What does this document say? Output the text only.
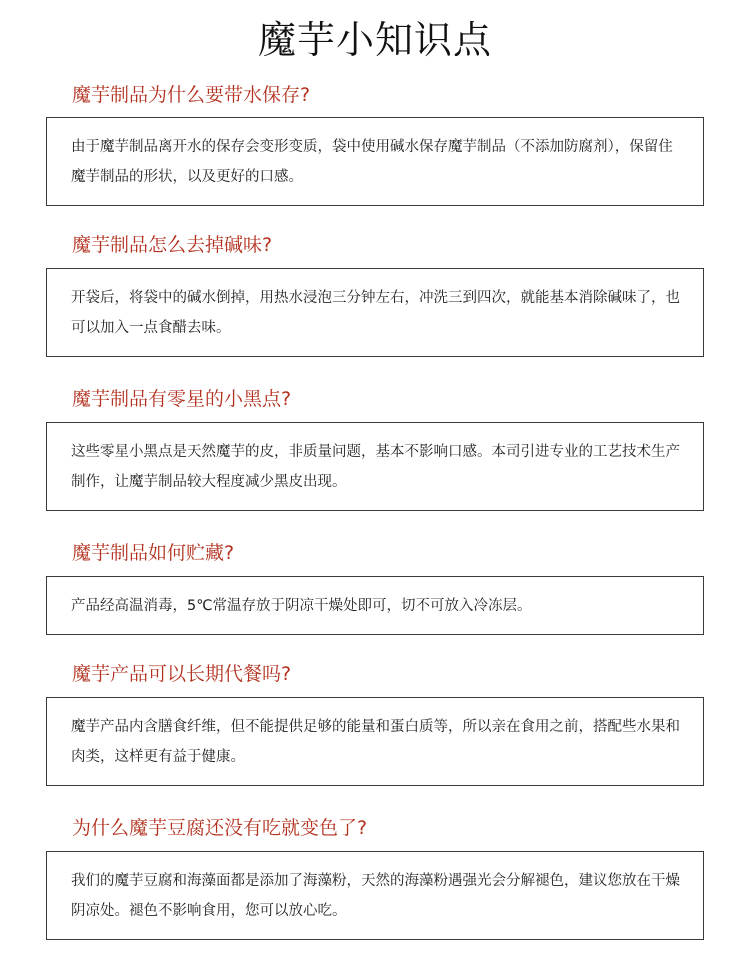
魔芋小知识点
魔芋制品为什么要带水保存?
由于魔芋制品离开水的保存会变形变质，袋中使用碱水保存魔芋制品（不添加防腐剂），保留住魔芋制品的形状，以及更好的口感。
魔芋制品怎么去掉碱味?
开袋后，将袋中的碱水倒掉，用热水浸泡三分钟左右，冲洗三到四次，就能基本消除碱味了，也可以加入一点食醋去味。
魔芋制品有零星的小黑点?
这些零星小黑点是天然魔芋的皮，非质量问题，基本不影响口感。本司引进专业的工艺技术生产制作，让魔芋制品较大程度减少黑皮出现。
魔芋制品如何贮藏?
产品经高温消毒，5℃常温存放于阴凉干燥处即可，切不可放入冷冻层。
魔芋产品可以长期代餐吗?
魔芋产品内含膳食纤维，但不能提供足够的能量和蛋白质等，所以亲在食用之前，搭配些水果和肉类，这样更有益于健康。
为什么魔芋豆腐还没有吃就变色了?
我们的魔芋豆腐和海藻面都是添加了海藻粉，天然的海藻粉遇强光会分解褪色，建议您放在干燥阴凉处。褪色不影响食用，您可以放心吃。
